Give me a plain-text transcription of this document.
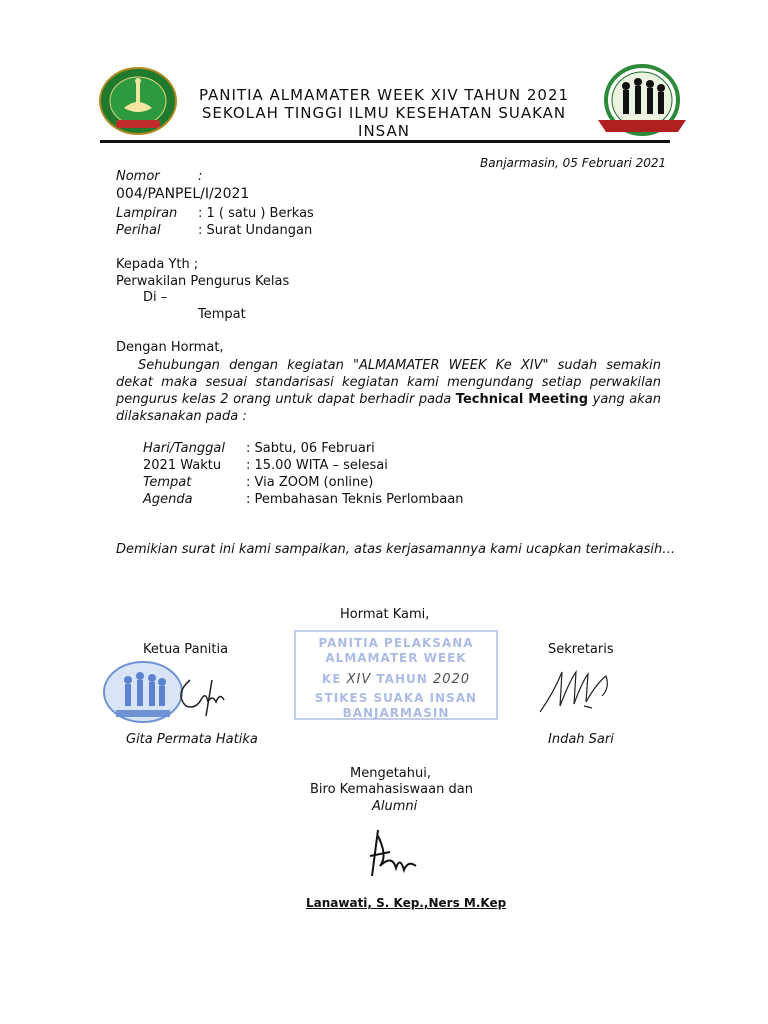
PANITIA ALMAMATER WEEK XIV TAHUN 2021
SEKOLAH TINGGI ILMU KESEHATAN SUAKAN
INSAN
Banjarmasin, 05 Februari 2021
Nomor	:
004/PANPEL/I/2021
Lampiran : 1 ( satu ) Berkas
Perihal	: Surat Undangan
Kepada Yth ;
Perwakilan Pengurus Kelas
Di –
Tempat
Dengan Hormat,
Sehubungan dengan kegiatan "ALMAMATER WEEK Ke XIV" sudah semakin dekat maka sesuai standarisasi kegiatan kami mengundang setiap perwakilan pengurus kelas 2 orang untuk dapat berhadir pada Technical Meeting yang akan dilaksanakan pada :
Hari/Tanggal : Sabtu, 06 Februari
2021 Waktu : 15.00 WITA – selesai
Tempat	: Via ZOOM (online)
Agenda	: Pembahasan Teknis Perlombaan
Demikian surat ini kami sampaikan, atas kerjasamannya kami ucapkan terimakasih…
Hormat Kami,
Ketua Panitia	Sekretaris
PANITIA PELAKSANA
ALMAMATER WEEK
KE XIV TAHUN 2020
STIKES SUAKA INSAN
BANJARMASIN
Gita Permata Hatika	Indah Sari
Mengetahui,
Biro Kemahasiswaan dan
Alumni
Lanawati, S. Kep.,Ners M.Kep
